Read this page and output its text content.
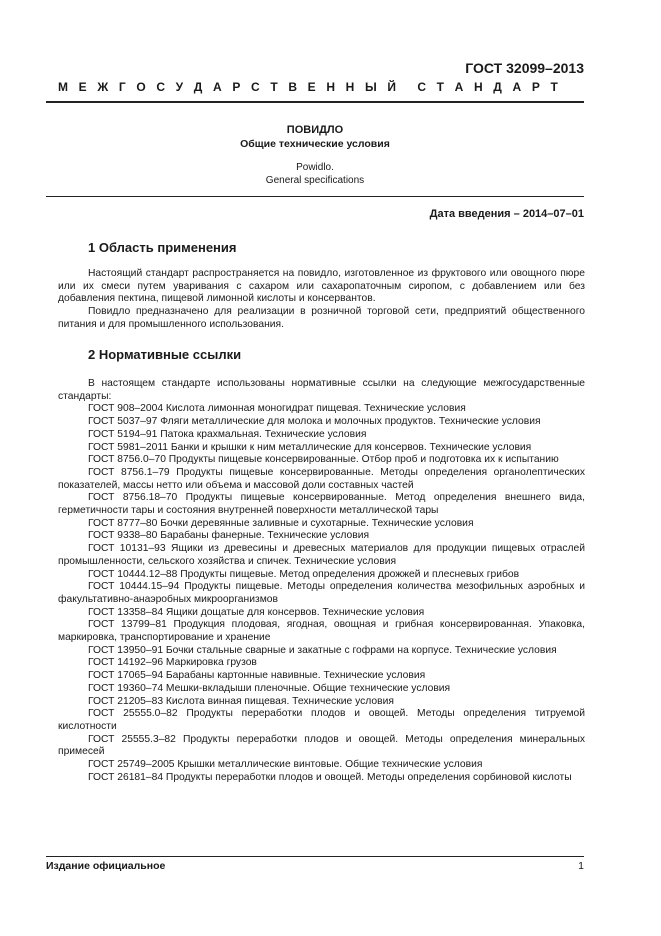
ГОСТ 32099–2013
М Е Ж Г О С У Д А Р С Т В Е Н Н Ы Й С Т А Н Д А Р Т
ПОВИДЛО
Общие технические условия
Powidlo.
General specifications
Дата введения – 2014–07–01
1 Область применения

Настоящий стандарт распространяется на повидло, изготовленное из фруктового или овощного пюре или их смеси путем уваривания с сахаром или сахаропаточным сиропом, с добавлением или без добавления пектина, пищевой лимонной кислоты и консервантов.

Повидло предназначено для реализации в розничной торговой сети, предприятий общественного питания и для промышленного использования.

2 Нормативные ссылки

В настоящем стандарте использованы нормативные ссылки на следующие межгосударственные стандарты:

ГОСТ 908–2004 Кислота лимонная моногидрат пищевая. Технические условия

ГОСТ 5037–97 Фляги металлические для молока и молочных продуктов. Технические условия

ГОСТ 5194–91 Патока крахмальная. Технические условия

ГОСТ 5981–2011 Банки и крышки к ним металлические для консервов. Технические условия

ГОСТ 8756.0–70 Продукты пищевые консервированные. Отбор проб и подготовка их к испытанию

ГОСТ 8756.1–79 Продукты пищевые консервированные. Методы определения органолептических показателей, массы нетто или объема и массовой доли составных частей

ГОСТ 8756.18–70 Продукты пищевые консервированные. Метод определения внешнего вида, герметичности тары и состояния внутренней поверхности металлической тары

ГОСТ 8777–80 Бочки деревянные заливные и сухотарные. Технические условия

ГОСТ 9338–80 Барабаны фанерные. Технические условия

ГОСТ 10131–93 Ящики из древесины и древесных материалов для продукции пищевых отраслей промышленности, сельского хозяйства и спичек. Технические условия

ГОСТ 10444.12–88 Продукты пищевые. Метод определения дрожжей и плесневых грибов

ГОСТ 10444.15–94 Продукты пищевые. Методы определения количества мезофильных аэробных и факультативно-анаэробных микроорганизмов

ГОСТ 13358–84 Ящики дощатые для консервов. Технические условия

ГОСТ 13799–81 Продукция плодовая, ягодная, овощная и грибная консервированная. Упаковка, маркировка, транспортирование и хранение

ГОСТ 13950–91 Бочки стальные сварные и закатные с гофрами на корпусе. Технические условия

ГОСТ 14192–96 Маркировка грузов

ГОСТ 17065–94 Барабаны картонные навивные. Технические условия

ГОСТ 19360–74 Мешки-вкладыши пленочные. Общие технические условия

ГОСТ 21205–83 Кислота винная пищевая. Технические условия

ГОСТ 25555.0–82 Продукты переработки плодов и овощей. Методы определения титруемой кислотности

ГОСТ 25555.3–82 Продукты переработки плодов и овощей. Методы определения минеральных примесей

ГОСТ 25749–2005 Крышки металлические винтовые. Общие технические условия

ГОСТ 26181–84 Продукты переработки плодов и овощей. Методы определения сорбиновой кислоты

Издание официальное	1
